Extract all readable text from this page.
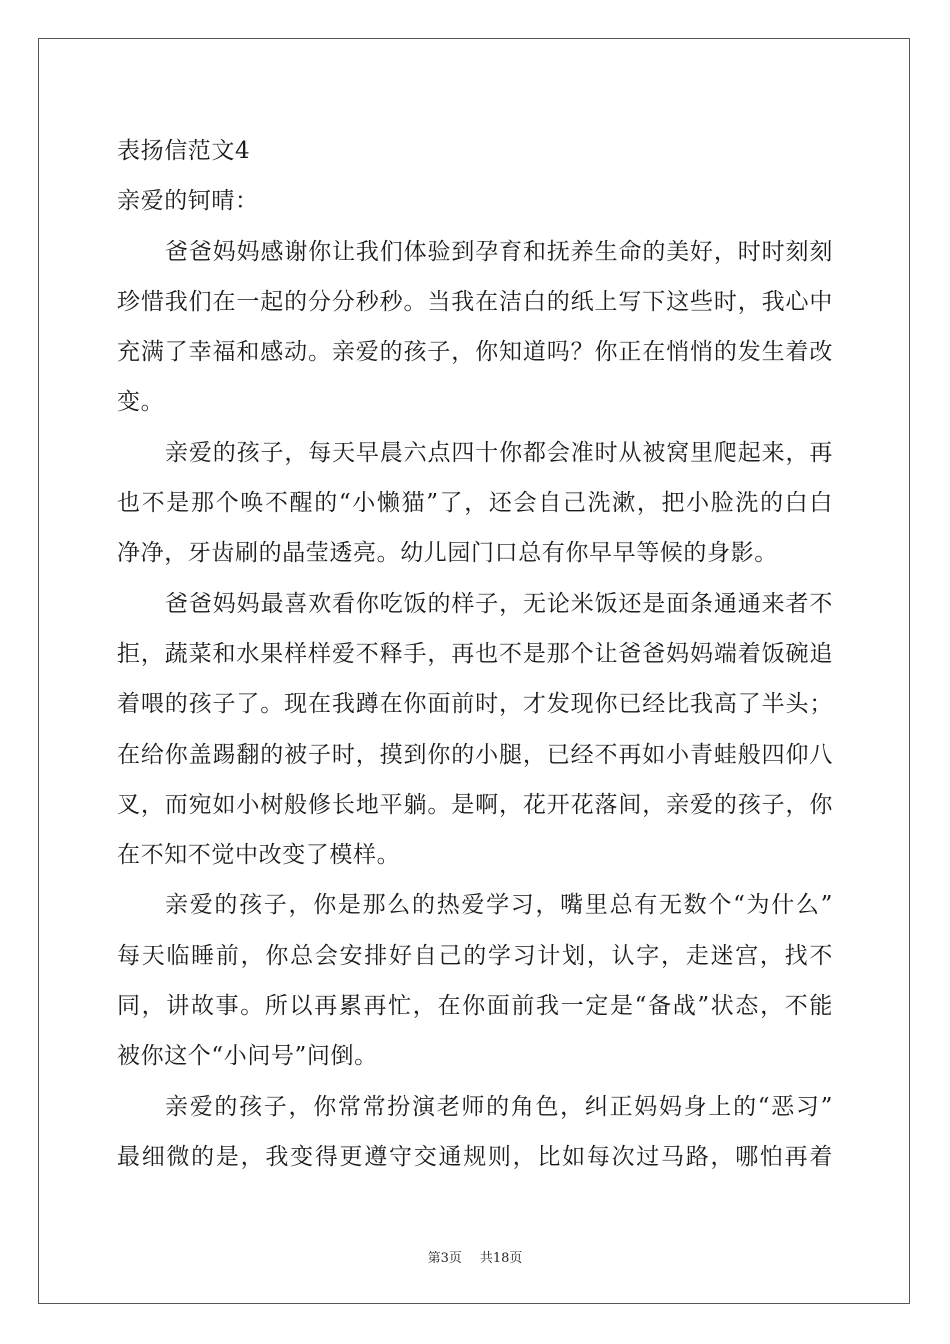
表扬信范文4
亲爱的钶晴：
爸爸妈妈感谢你让我们体验到孕育和抚养生命的美好，时时刻刻
珍惜我们在一起的分分秒秒。当我在洁白的纸上写下这些时，我心中
充满了幸福和感动。亲爱的孩子，你知道吗？你正在悄悄的发生着改
变。
亲爱的孩子，每天早晨六点四十你都会准时从被窝里爬起来，再
也不是那个唤不醒的“小懒猫”了，还会自己洗漱，把小脸洗的白白
净净，牙齿刷的晶莹透亮。幼儿园门口总有你早早等候的身影。
爸爸妈妈最喜欢看你吃饭的样子，无论米饭还是面条通通来者不
拒，蔬菜和水果样样爱不释手，再也不是那个让爸爸妈妈端着饭碗追
着喂的孩子了。现在我蹲在你面前时，才发现你已经比我高了半头；
在给你盖踢翻的被子时，摸到你的小腿，已经不再如小青蛙般四仰八
叉，而宛如小树般修长地平躺。是啊，花开花落间，亲爱的孩子，你
在不知不觉中改变了模样。
亲爱的孩子，你是那么的热爱学习，嘴里总有无数个“为什么”
每天临睡前，你总会安排好自己的学习计划，认字，走迷宫，找不
同，讲故事。所以再累再忙，在你面前我一定是“备战”状态，不能
被你这个“小问号”问倒。
亲爱的孩子，你常常扮演老师的角色，纠正妈妈身上的“恶习”
最细微的是，我变得更遵守交通规则，比如每次过马路，哪怕再着
第3页 共18页
